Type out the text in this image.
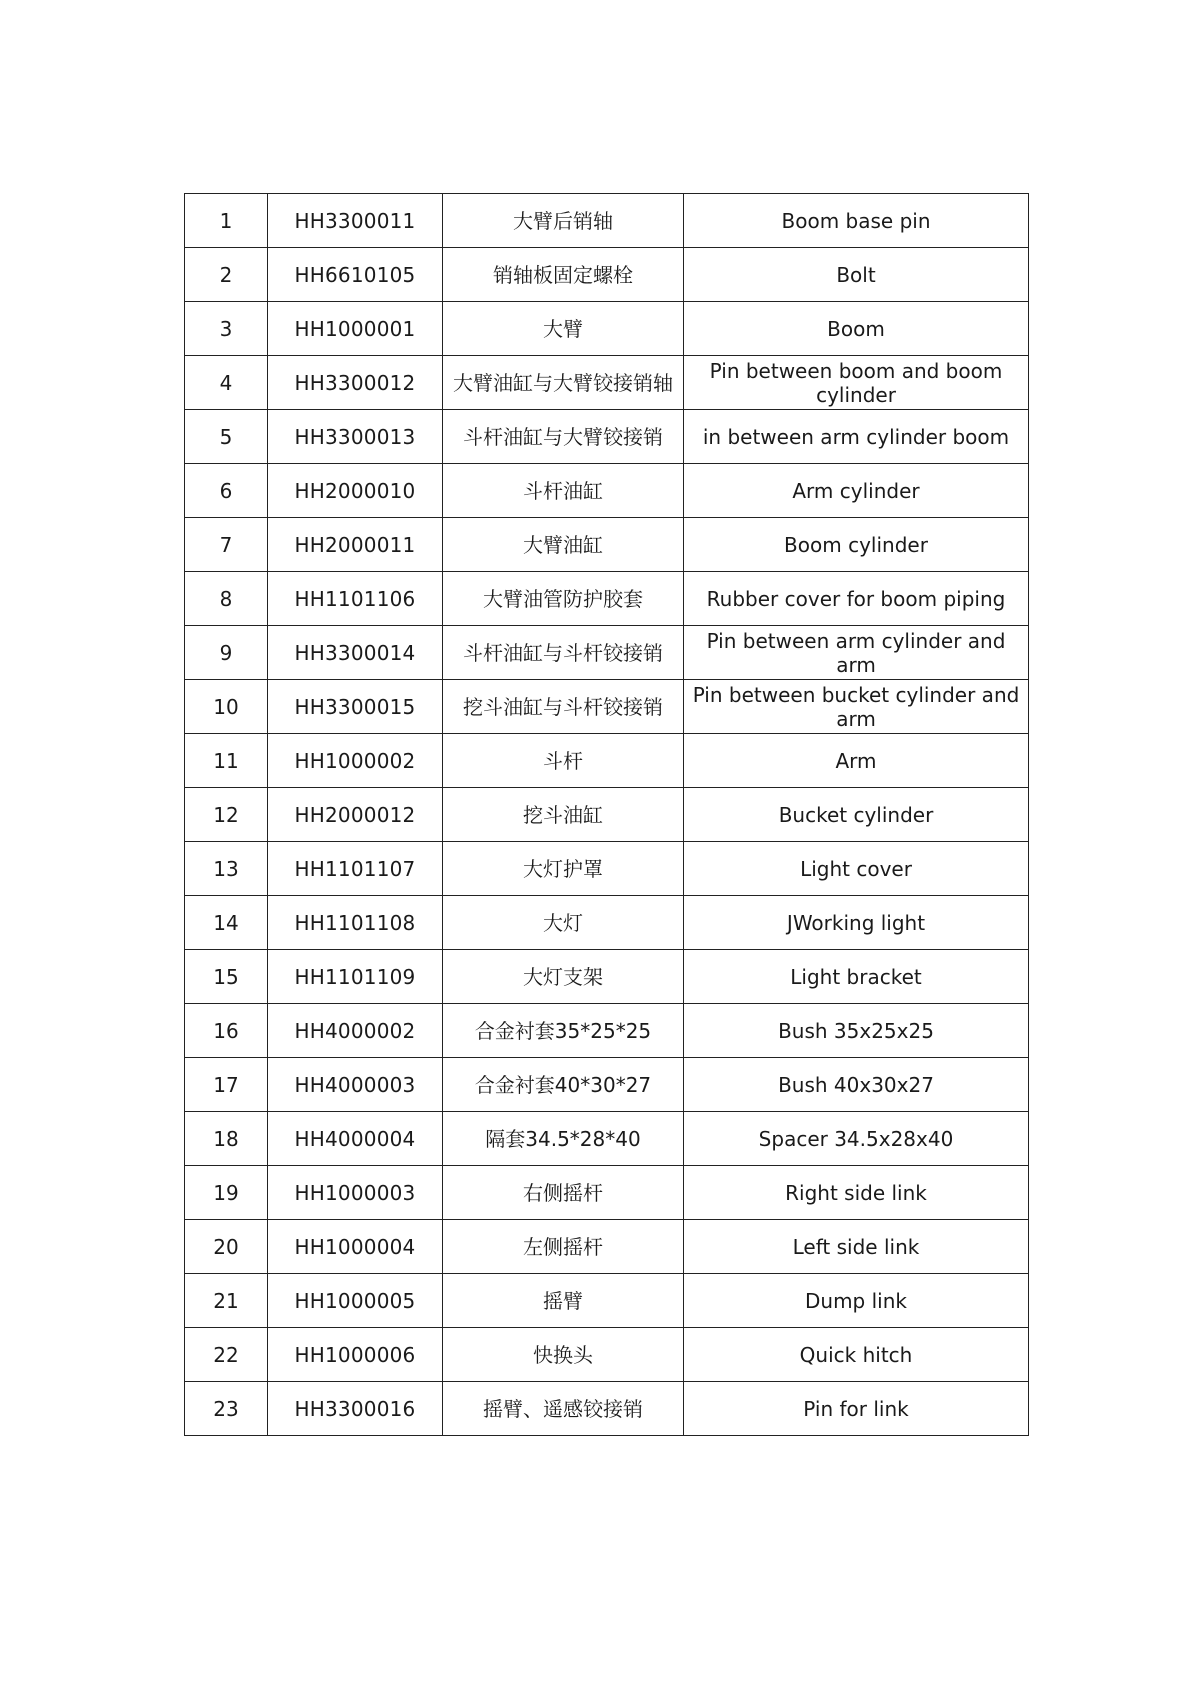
1	HH3300011	大臂后销轴	Boom base pin
2	HH6610105	销轴板固定螺栓	Bolt
3	HH1000001	大臂	Boom
4	HH3300012	大臂油缸与大臂铰接销轴	Pin between boom and boom cylinder
5	HH3300013	斗杆油缸与大臂铰接销	in between arm cylinder boom
6	HH2000010	斗杆油缸	Arm cylinder
7	HH2000011	大臂油缸	Boom cylinder
8	HH1101106	大臂油管防护胶套	Rubber cover for boom piping
9	HH3300014	斗杆油缸与斗杆铰接销	Pin between arm cylinder and arm
10	HH3300015	挖斗油缸与斗杆铰接销	Pin between bucket cylinder and arm
11	HH1000002	斗杆	Arm
12	HH2000012	挖斗油缸	Bucket cylinder
13	HH1101107	大灯护罩	Light cover
14	HH1101108	大灯	JWorking light
15	HH1101109	大灯支架	Light bracket
16	HH4000002	合金衬套35*25*25	Bush 35x25x25
17	HH4000003	合金衬套40*30*27	Bush 40x30x27
18	HH4000004	隔套34.5*28*40	Spacer 34.5x28x40
19	HH1000003	右侧摇杆	Right side link
20	HH1000004	左侧摇杆	Left side link
21	HH1000005	摇臂	Dump link
22	HH1000006	快换头	Quick hitch
23	HH3300016	摇臂、遥感铰接销	Pin for link
